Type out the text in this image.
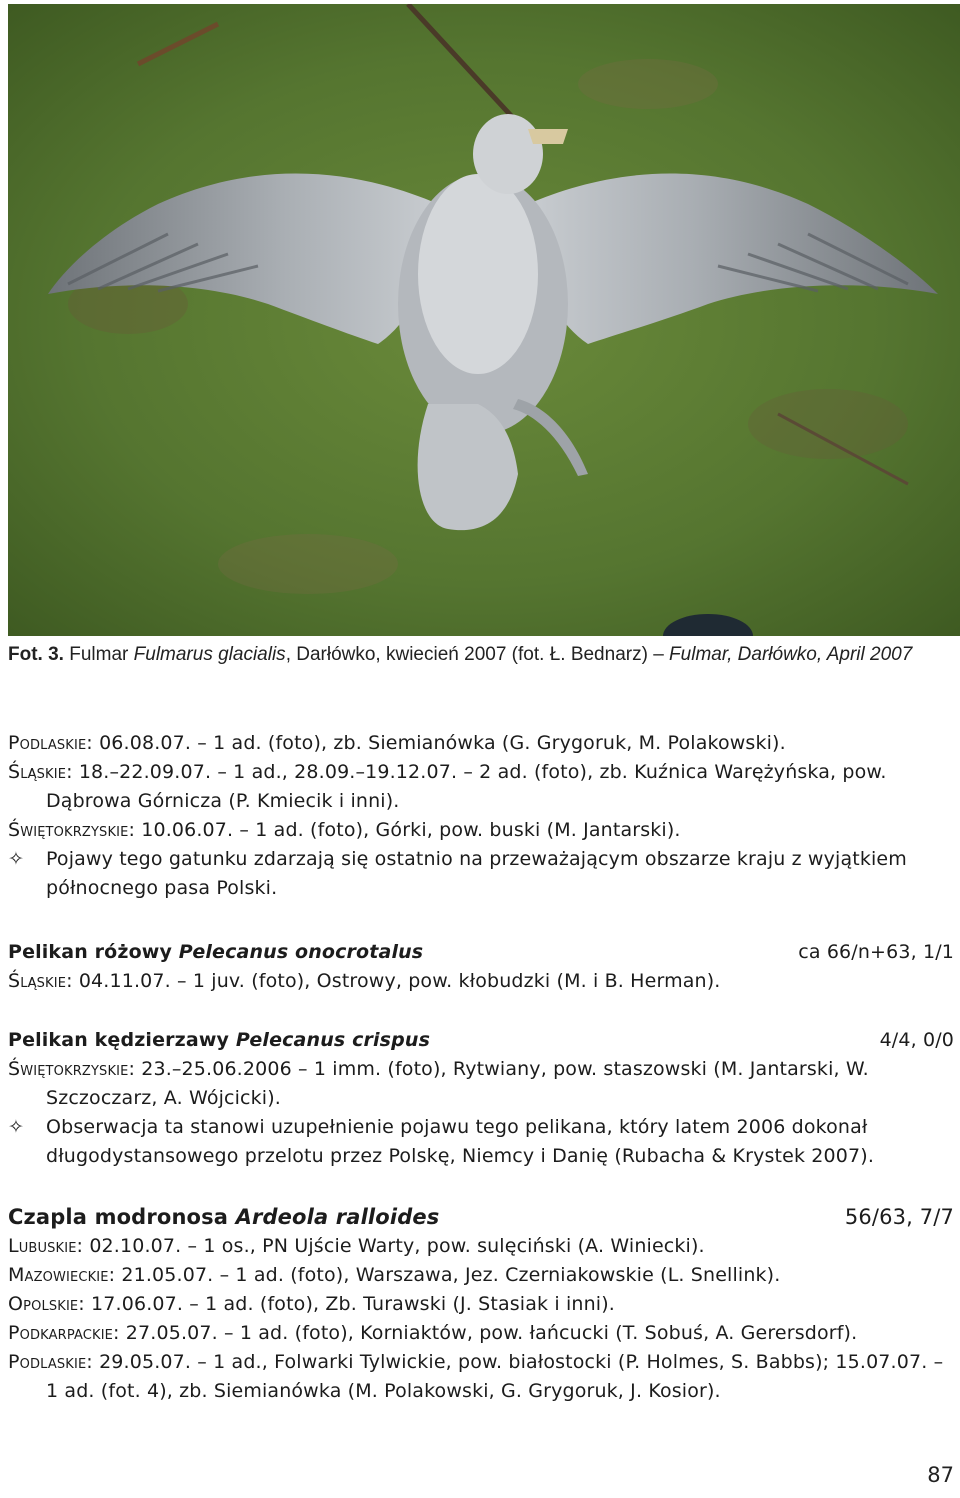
Fot. 3. Fulmar Fulmarus glacialis, Darłówko, kwiecień 2007 (fot. Ł. Bednarz) – Fulmar, Darłówko, April 2007

Podlaskie: 06.08.07. – 1 ad. (foto), zb. Siemianówka (G. Grygoruk, M. Polakowski).

Śląskie: 18.–22.09.07. – 1 ad., 28.09.–19.12.07. – 2 ad. (foto), zb. Kuźnica Warężyńska, pow. Dąbrowa Górnicza (P. Kmiecik i inni).

Świętokrzyskie: 10.06.07. – 1 ad. (foto), Górki, pow. buski (M. Jantarski).

✧	Pojawy tego gatunku zdarzają się ostatnio na przeważającym obszarze kraju z wyjątkiem północnego pasa Polski.

Pelikan różowy Pelecanus onocrotalus	ca 66/n+63, 1/1

Śląskie: 04.11.07. – 1 juv. (foto), Ostrowy, pow. kłobudzki (M. i B. Herman).

Pelikan kędzierzawy Pelecanus crispus	4/4, 0/0

Świętokrzyskie: 23.–25.06.2006 – 1 imm. (foto), Rytwiany, pow. staszowski (M. Jantarski, W. Szczoczarz, A. Wójcicki).

✧	Obserwacja ta stanowi uzupełnienie pojawu tego pelikana, który latem 2006 dokonał długodystansowego przelotu przez Polskę, Niemcy i Danię (Rubacha & Krystek 2007).

Czapla modronosa Ardeola ralloides	56/63, 7/7

Lubuskie: 02.10.07. – 1 os., PN Ujście Warty, pow. sulęciński (A. Winiecki).

Mazowieckie: 21.05.07. – 1 ad. (foto), Warszawa, Jez. Czerniakowskie (L. Snellink).

Opolskie: 17.06.07. – 1 ad. (foto), Zb. Turawski (J. Stasiak i inni).

Podkarpackie: 27.05.07. – 1 ad. (foto), Korniaktów, pow. łańcucki (T. Sobuś, A. Gerersdorf).

Podlaskie: 29.05.07. – 1 ad., Folwarki Tylwickie, pow. białostocki (P. Holmes, S. Babbs); 15.07.07. – 1 ad. (fot. 4), zb. Siemianówka (M. Polakowski, G. Grygoruk, J. Kosior).

87
